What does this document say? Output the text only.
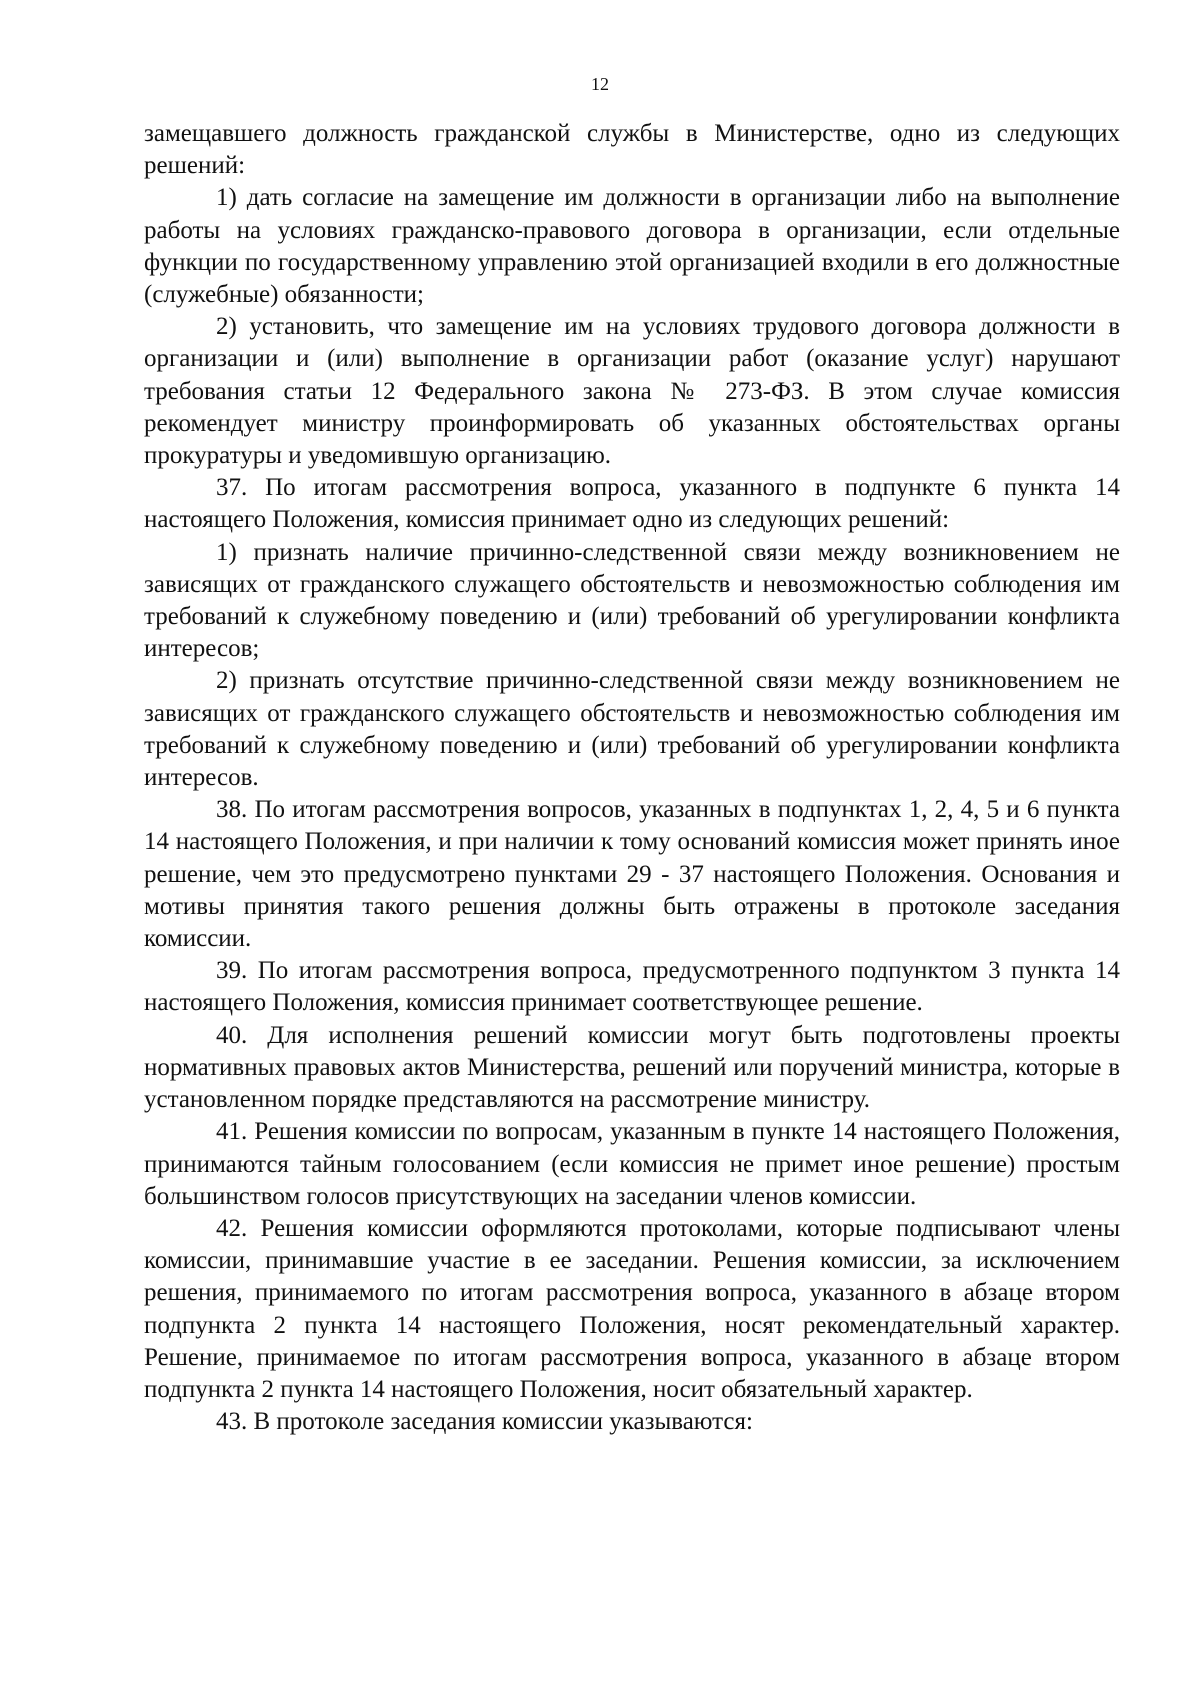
12

замещавшего должность гражданской службы в Министерстве, одно из следующих решений:

1) дать согласие на замещение им должности в организации либо на выполнение работы на условиях гражданско-правового договора в организации, если отдельные функции по государственному управлению этой организацией входили в его должностные (служебные) обязанности;

2) установить, что замещение им на условиях трудового договора должности в организации и (или) выполнение в организации работ (оказание услуг) нарушают требования статьи 12 Федерального закона № 273-ФЗ. В этом случае комиссия рекомендует министру проинформировать об указанных обстоятельствах органы прокуратуры и уведомившую организацию.

37. По итогам рассмотрения вопроса, указанного в подпункте 6 пункта 14 настоящего Положения, комиссия принимает одно из следующих решений:

1) признать наличие причинно-следственной связи между возникновением не зависящих от гражданского служащего обстоятельств и невозможностью соблюдения им требований к служебному поведению и (или) требований об урегулировании конфликта интересов;

2) признать отсутствие причинно-следственной связи между возникновением не зависящих от гражданского служащего обстоятельств и невозможностью соблюдения им требований к служебному поведению и (или) требований об урегулировании конфликта интересов.

38. По итогам рассмотрения вопросов, указанных в подпунктах 1, 2, 4, 5 и 6 пункта 14 настоящего Положения, и при наличии к тому оснований комиссия может принять иное решение, чем это предусмотрено пунктами 29 - 37 настоящего Положения. Основания и мотивы принятия такого решения должны быть отражены в протоколе заседания комиссии.

39. По итогам рассмотрения вопроса, предусмотренного подпунктом 3 пункта 14 настоящего Положения, комиссия принимает соответствующее решение.

40. Для исполнения решений комиссии могут быть подготовлены проекты нормативных правовых актов Министерства, решений или поручений министра, которые в установленном порядке представляются на рассмотрение министру.

41. Решения комиссии по вопросам, указанным в пункте 14 настоящего Положения, принимаются тайным голосованием (если комиссия не примет иное решение) простым большинством голосов присутствующих на заседании членов комиссии.

42. Решения комиссии оформляются протоколами, которые подписывают члены комиссии, принимавшие участие в ее заседании. Решения комиссии, за исключением решения, принимаемого по итогам рассмотрения вопроса, указанного в абзаце втором подпункта 2 пункта 14 настоящего Положения, носят рекомендательный характер. Решение, принимаемое по итогам рассмотрения вопроса, указанного в абзаце втором подпункта 2 пункта 14 настоящего Положения, носит обязательный характер.

43. В протоколе заседания комиссии указываются:
